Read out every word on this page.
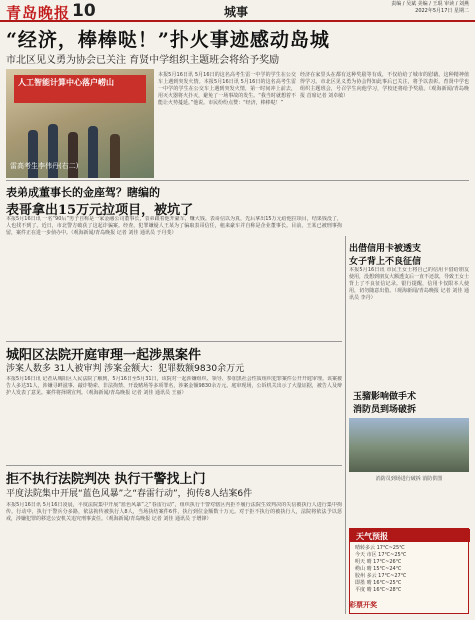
青岛晚报 10	城事
责编 / 吴斌 美编 / 王琨 审读 / 刘燕
2022年5月17日 星期二
“经济，棒棒哒！”扑火事迹感动岛城
市北区见义勇为协会已关注 育贤中学组织主题班会将给予奖励
人工智能计算中心落户崂山
雷高考生李伟丹(右二)
本报5月16日讯 5月16日的这名高考生雷一中学的学生在公交车上遇到突发火情。本报5月16日讯 5月16日的这名高考生雷一中学的学生在公交车上遇到突发火情，第一时间冲上前去，用灭火器将火扑灭，避免了一场事故的发生。“我当时就想着不能让火势蔓延。”他说。市民纷纷点赞：“经济，棒棒哒！”
经济在家里头在都有这种奖励等有成，不仅给给了城市的慰藉。这种精神值得学习。市北区见义勇为协会得知此事后已关注，将予以表彰。育贤中学也组织主题班会，号召学生向他学习，学校还将给予奖励。（观海新闻/青岛晚报 首席记者 刘卓敏）
表弟成董事长的金座驾？瞎编的
表哥拿出15万元拉项目，被坑了
本报5月16日讯 一名“90后”男子自称是一家金融公司董事长，表弟跟着他开豪车，赚大钱。表哥信以为真，先后拿出15万元给他拉项目，结果钱没了，人也找不到了。近日，市北警方破获了这起诈骗案。经查，犯罪嫌疑人王某为了骗取表哥信任，租来豪车并自称是企业董事长。目前，王某已被刑事拘留，案件正在进一步侦办中。（观海新闻/青岛晚报 记者 刘佳 通讯员 于丹斐）
出借信用卡被透支
女子背上不良征信
本报5月16日讯 市民王女士将自己的信用卡借给朋友使用，没想到朋友大额透支后一直不还款，导致王女士背上了不良征信记录。银行提醒，信用卡仅限本人使用，切勿随意出借。（观海新闻/青岛晚报 记者 刘佳 通讯员 李丹）
城阳区法院开庭审理一起涉黑案件
涉案人数多 31人被审判 涉案金额大：犯罪数额9830余万元
本报5月16日讯 记者从城阳区人民法院了解到，5月16日至5月31日，该院对一起涉嫌组织、领导、参加黑社会性质组织犯罪案件公开开庭审理。该案被告人多达31人，涉嫌寻衅滋事、敲诈勒索、非法拘禁、开设赌场等多项罪名，涉案金额9830余万元。庭审现场，公诉机关出示了大量证据，被告人及辩护人发表了意见。案件将择期宣判。（观海新闻/青岛晚报 记者 刘佳 通讯员 王丽）	玉骝影响做手术
消防员到场破拆
消防员到场进行破拆 消防供图
拒不执行法院判决 执行干警找上门
平度法院集中开展“蓝色风暴”之“春雷行动”，拘传8人结案6件
本报5月16日讯 5月16日凌晨，平度法院集中开展“蓝色风暴”之“春雷行动”，组织执行干警对辖区内拒不履行法院生效判决的失信被执行人进行集中拘传。行动中，执行干警兵分多路，依法拘传被执行人8人，当场执结案件6件，执行到位金额数十万元。对于拒不执行的被执行人，法院将依法予以惩戒，涉嫌犯罪的移送公安机关追究刑事责任。（观海新闻/青岛晚报 记者 刘佳 通讯员 于增锋）
天气预报
晴转多云 17℃~25℃
今天 市区 17℃~25℃
明天 晴 17℃~26℃
崂山 晴 15℃~24℃
胶州 多云 17℃~27℃
即墨 晴 16℃~25℃
平度 晴 16℃~28℃
彩票开奖
